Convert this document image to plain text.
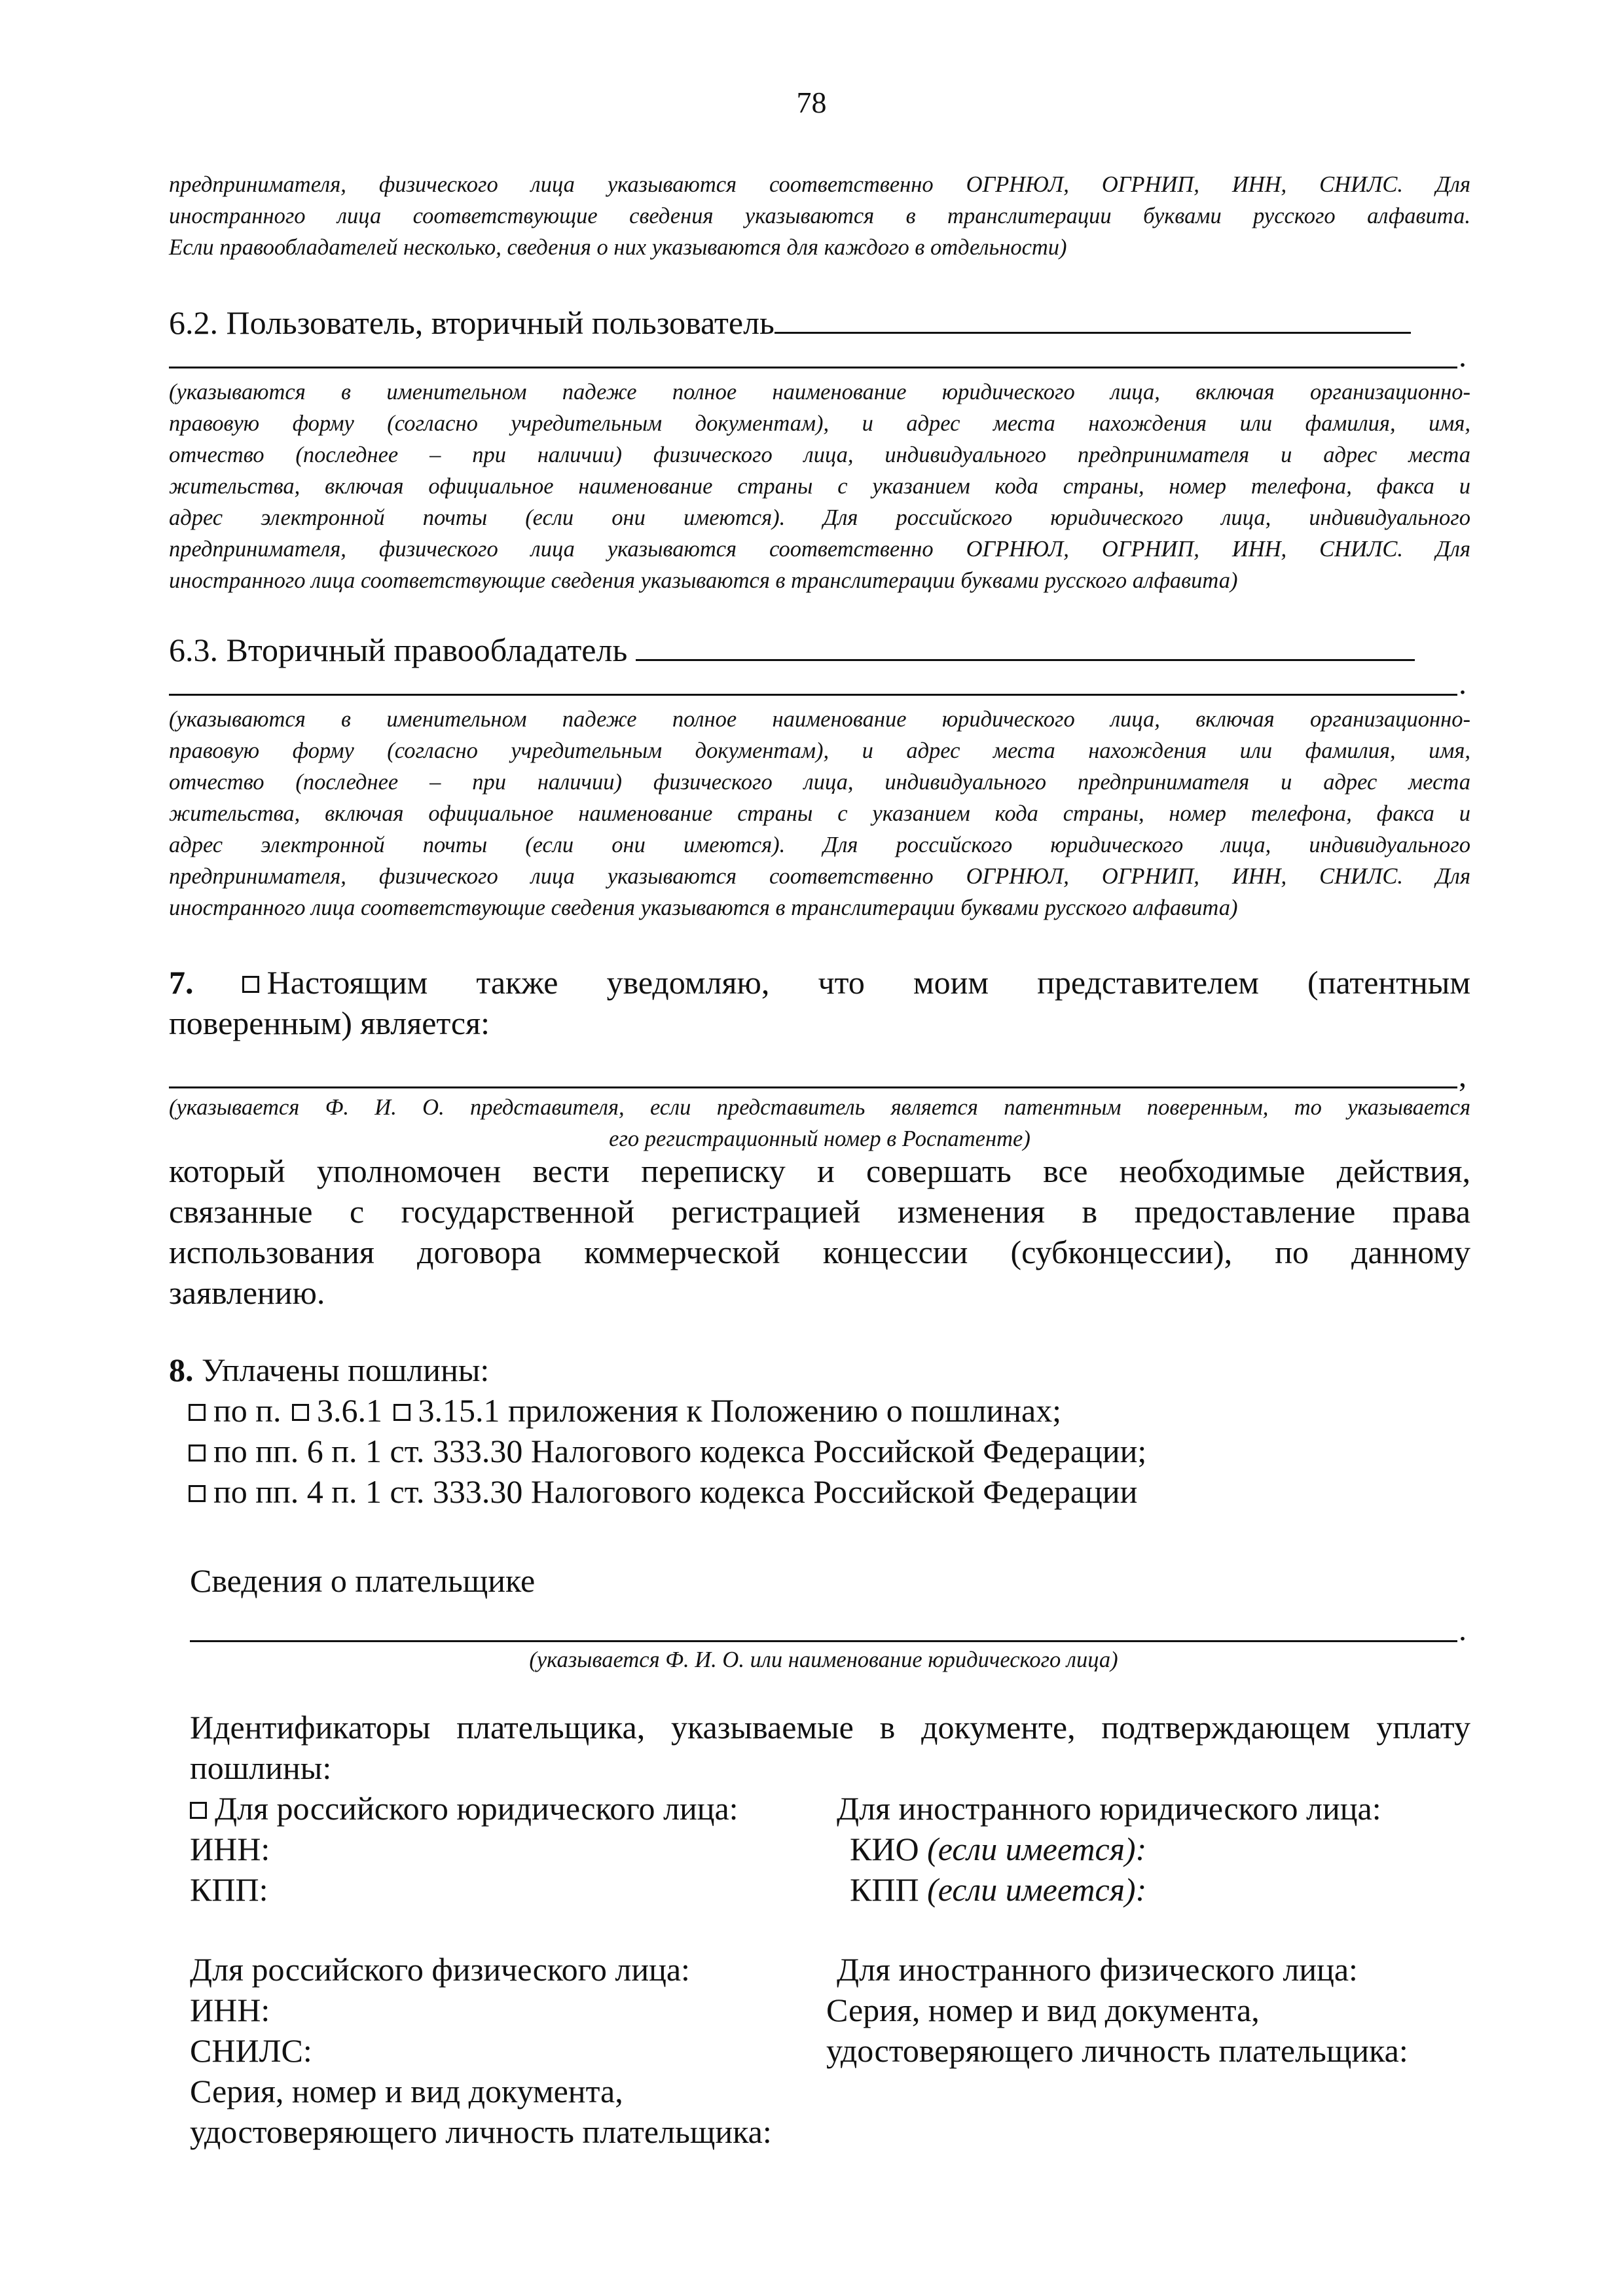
78
предпринимателя, физического лица указываются соответственно ОГРНЮЛ, ОГРНИП, ИНН, СНИЛС. Для
иностранного лица соответствующие сведения указываются в транслитерации буквами русского алфавита.
Если правообладателей несколько, сведения о них указываются для каждого в отдельности)
6.2. Пользователь, вторичный пользователь
.
(указываются в именительном падеже полное наименование юридического лица, включая организационно-
правовую форму (согласно учредительным документам), и адрес места нахождения или фамилия, имя,
отчество (последнее – при наличии) физического лица, индивидуального предпринимателя и адрес места
жительства, включая официальное наименование страны с указанием кода страны, номер телефона, факса и
адрес электронной почты (если они имеются). Для российского юридического лица, индивидуального
предпринимателя, физического лица указываются соответственно ОГРНЮЛ, ОГРНИП, ИНН, СНИЛС. Для
иностранного лица соответствующие сведения указываются в транслитерации буквами русского алфавита)
6.3. Вторичный правообладатель
.
(указываются в именительном падеже полное наименование юридического лица, включая организационно-
правовую форму (согласно учредительным документам), и адрес места нахождения или фамилия, имя,
отчество (последнее – при наличии) физического лица, индивидуального предпринимателя и адрес места
жительства, включая официальное наименование страны с указанием кода страны, номер телефона, факса и
адрес электронной почты (если они имеются). Для российского юридического лица, индивидуального
предпринимателя, физического лица указываются соответственно ОГРНЮЛ, ОГРНИП, ИНН, СНИЛС. Для
иностранного лица соответствующие сведения указываются в транслитерации буквами русского алфавита)
7. Настоящим также уведомляю, что моим представителем (патентным
поверенным) является:
,
(указывается Ф. И. О. представителя, если представитель является патентным поверенным, то указывается
его регистрационный номер в Роспатенте)
который уполномочен вести переписку и совершать все необходимые действия,
связанные с государственной регистрацией изменения в предоставление права
использования договора коммерческой концессии (субконцессии), по данному
заявлению.
8. Уплачены пошлины:
по п. 3.6.1 3.15.1 приложения к Положению о пошлинах;
по пп. 6 п. 1 ст. 333.30 Налогового кодекса Российской Федерации;
по пп. 4 п. 1 ст. 333.30 Налогового кодекса Российской Федерации
Сведения о плательщике
.
(указывается Ф. И. О. или наименование юридического лица)
Идентификаторы плательщика, указываемые в документе, подтверждающем уплату
пошлины:
Для российского юридического лица:
ИНН:
КПП:
Для иностранного юридического лица:
КИО (если имеется):
КПП (если имеется):
Для российского физического лица:
ИНН:
СНИЛС:
Серия, номер и вид документа,
удостоверяющего личность плательщика:
Для иностранного физического лица:
Серия, номер и вид документа,
удостоверяющего личность плательщика:
